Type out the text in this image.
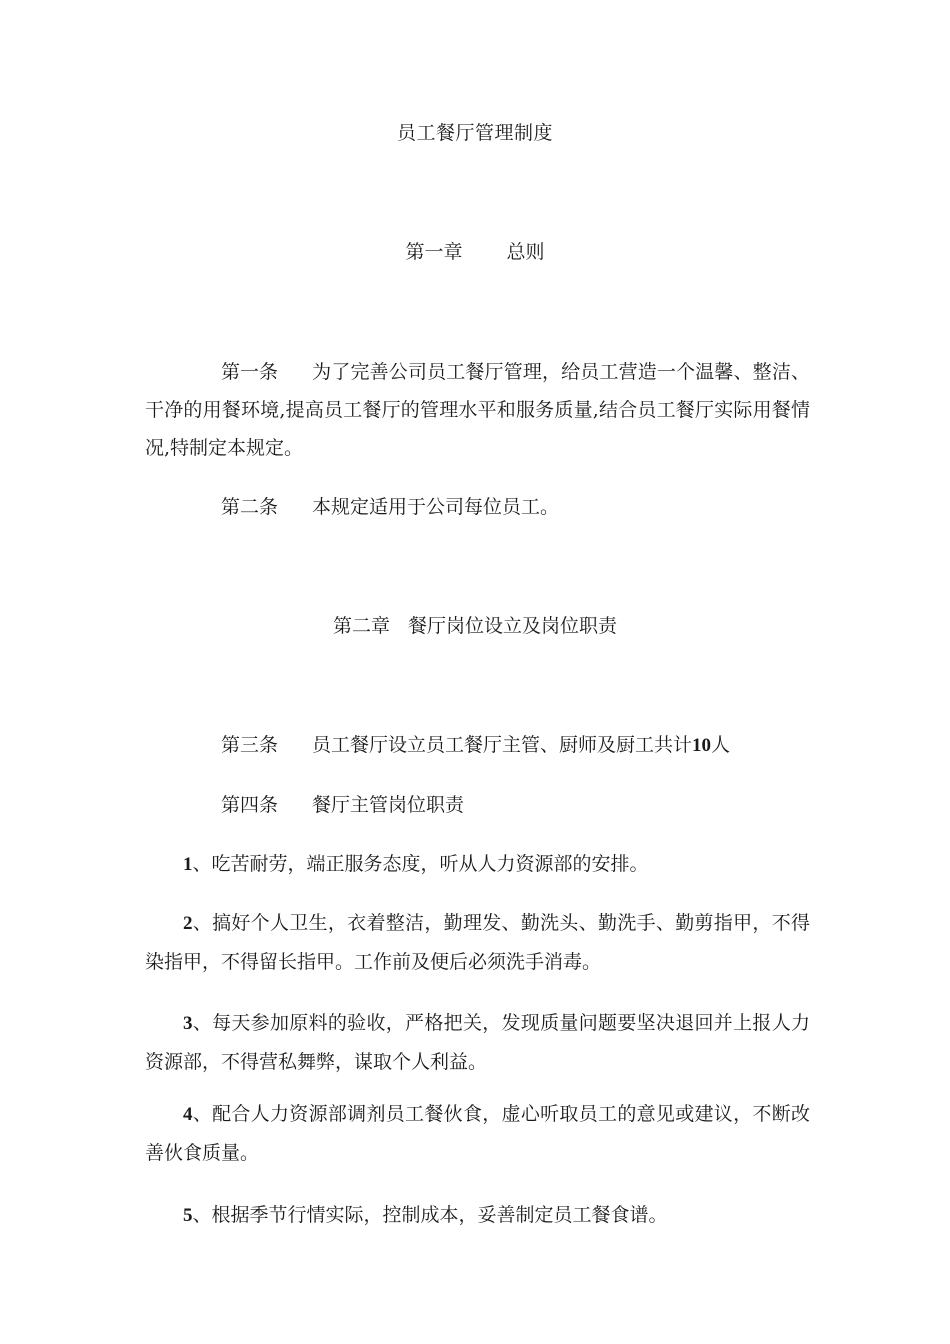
员工餐厅管理制度
第一章 总则

第一条 为了完善公司员工餐厅管理，给员工营造一个温馨、整洁、干净的用餐环境,提高员工餐厅的管理水平和服务质量,结合员工餐厅实际用餐情况,特制定本规定。

第二条 本规定适用于公司每位员工。

第二章 餐厅岗位设立及岗位职责

第三条 员工餐厅设立员工餐厅主管、厨师及厨工共计10人

第四条 餐厅主管岗位职责

1、吃苦耐劳，端正服务态度，听从人力资源部的安排。

2、搞好个人卫生，衣着整洁，勤理发、勤洗头、勤洗手、勤剪指甲，不得染指甲，不得留长指甲。工作前及便后必须洗手消毒。

3、每天参加原料的验收，严格把关，发现质量问题要坚决退回并上报人力资源部，不得营私舞弊，谋取个人利益。

4、配合人力资源部调剂员工餐伙食，虚心听取员工的意见或建议，不断改善伙食质量。

5、根据季节行情实际，控制成本，妥善制定员工餐食谱。
